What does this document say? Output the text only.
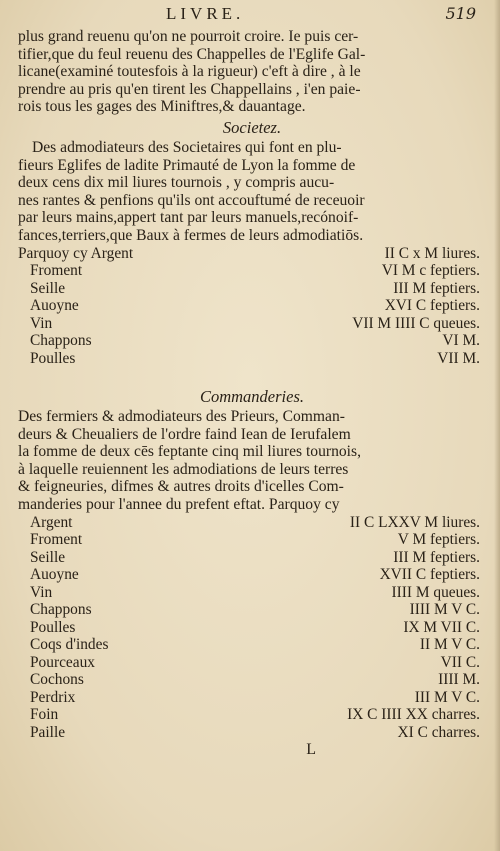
LIVRE.	519

plus grand reuenu qu'on ne pourroit croire. Ie puis cer-

tifier,que du feul reuenu des Chappelles de l'Eglife Gal-

licane(examiné toutesfois à la rigueur) c'eft à dire , à le

prendre au pris qu'en tirent les Chappellains , i'en paie-

rois tous les gages des Miniftres,& dauantage.

Societez.

Des admodiateurs des Societaires qui font en plu-

fieurs Eglifes de ladite Primauté de Lyon la fomme de

deux cens dix mil liures tournois , y compris aucu-

nes rantes & penfions qu'ils ont accouftumé de receuoir

par leurs mains,appert tant par leurs manuels,recónoif-

fances,terriers,que Baux à fermes de leurs admodiatiōs.

Parquoy cy Argent	II C x M liures.
Froment	VI M c feptiers.
Seille	III M feptiers.
Auoyne	XVI C feptiers.
Vin	VII M IIII C queues.
Chappons	VI M.
Poulles	VII M.
Commanderies.

Des fermiers & admodiateurs des Prieurs, Comman-

deurs & Cheualiers de l'ordre faind Iean de Ierufalem

la fomme de deux cēs feptante cinq mil liures tournois,

à laquelle reuiennent les admodiations de leurs terres

& feigneuries, difmes & autres droits d'icelles Com-

manderies pour l'annee du prefent eftat. Parquoy cy

Argent	II C LXXV M liures.
Froment	V M feptiers.
Seille	III M feptiers.
Auoyne	XVII C feptiers.
Vin	IIII M queues.
Chappons	IIII M V C.
Poulles	IX M VII C.
Coqs d'indes	II M V C.
Pourceaux	VII C.
Cochons	IIII M.
Perdrix	III M V C.
Foin	IX C IIII XX charres.
Paille	XI C charres.
L
